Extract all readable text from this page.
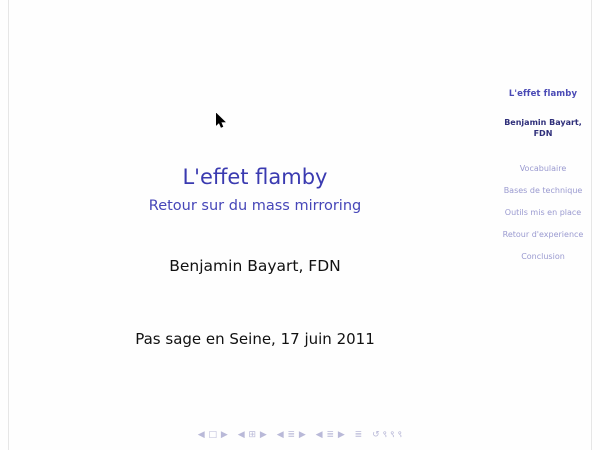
L'effet flamby
Retour sur du mass mirroring
Benjamin Bayart, FDN
Pas sage en Seine, 17 juin 2011
L'effet flamby
Benjamin Bayart,
FDN
Vocabulaire
Bases de technique
Outils mis en place
Retour d'experience
Conclusion
◀ □ ▶ ◀ ⊞ ▶ ◀ ≣ ▶ ◀ ≣ ▶ ≣ ↺ ९ ९ ९
